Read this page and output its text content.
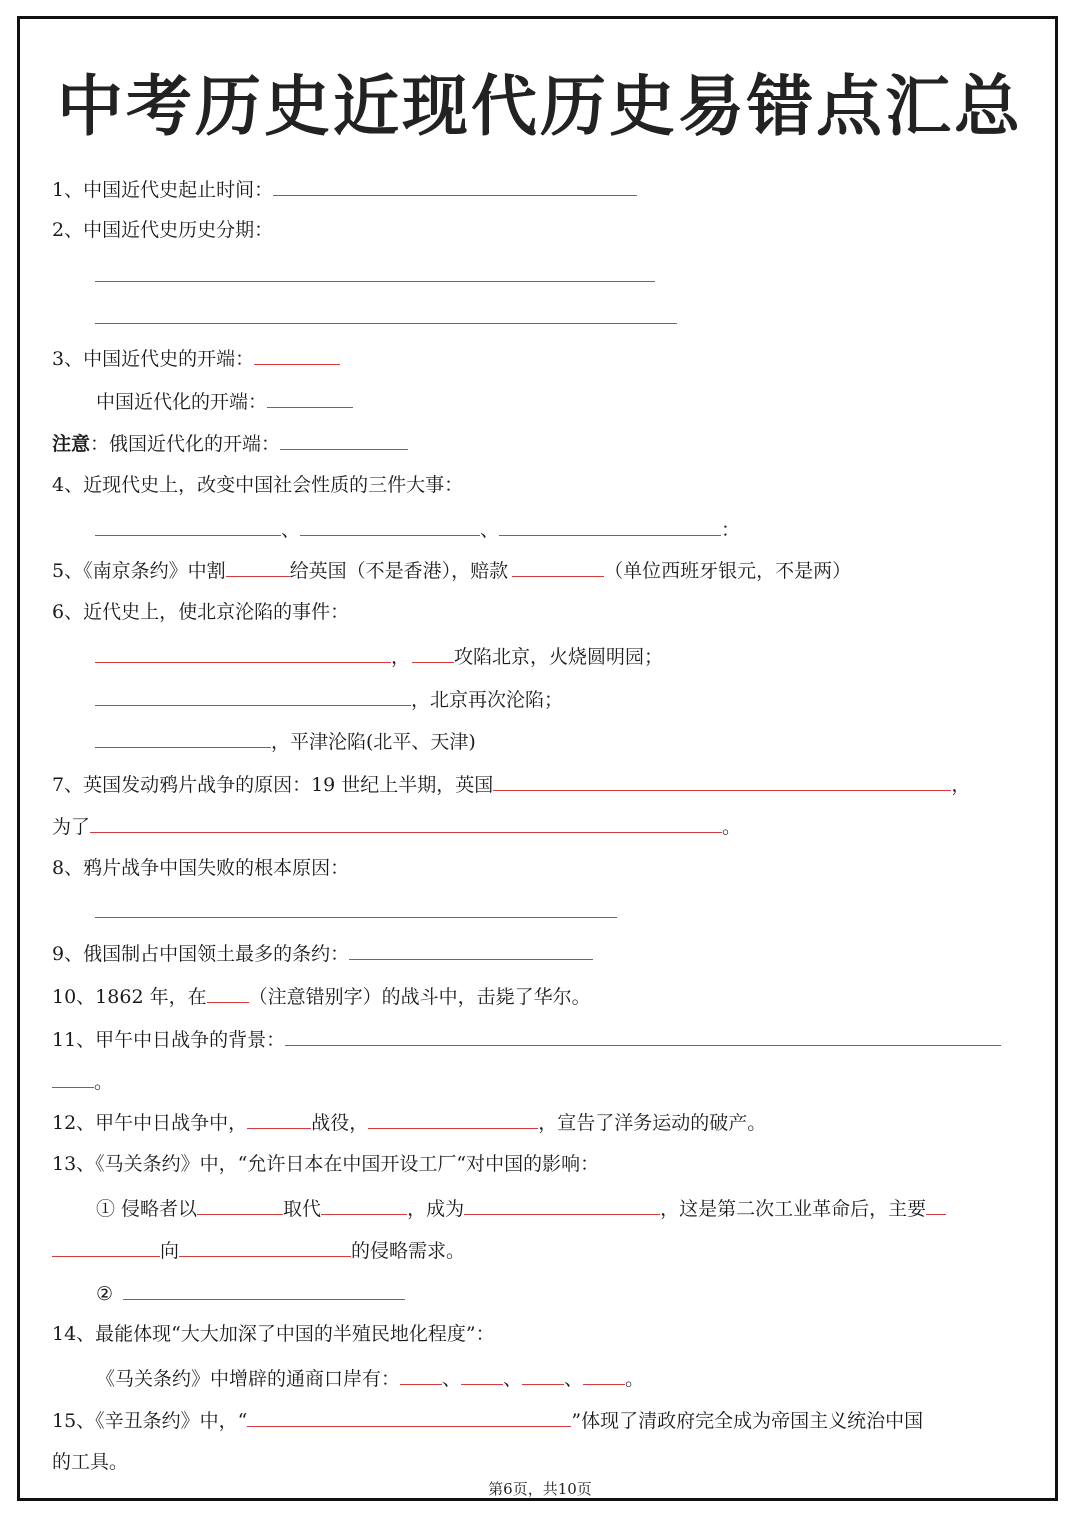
中考历史近现代历史易错点汇总
1、中国近代史起止时间：
2、中国近代史历史分期：
3、中国近代史的开端：
中国近代化的开端：
注意：俄国近代化的开端：
4、近现代史上，改变中国社会性质的三件大事：
、	、	：
5、《南京条约》中割	给英国（不是香港），赔款	（单位西班牙银元，不是两）
6、近代史上，使北京沦陷的事件：
， 攻陷北京，火烧圆明园；
，北京再次沦陷；
，平津沦陷(北平、天津)
7、英国发动鸦片战争的原因：19 世纪上半期，英国	，
为了	。
8、鸦片战争中国失败的根本原因：
9、俄国制占中国领土最多的条约：
10、1862 年，在 （注意错别字）的战斗中，击毙了华尔。
11、甲午中日战争的背景：
。
12、甲午中日战争中，	战役，	，宣告了洋务运动的破产。
13、《马关条约》中，“允许日本在中国开设工厂“对中国的影响：
① 侵略者以	取代	，成为	，这是第二次工业革命后，主要
向	的侵略需求。
②
14、最能体现“大大加深了中国的半殖民地化程度”：
《马关条约》中增辟的通商口岸有： 、 、 、 。
15、《辛丑条约》中，“	”体现了清政府完全成为帝国主义统治中国
的工具。
第6页，共10页
